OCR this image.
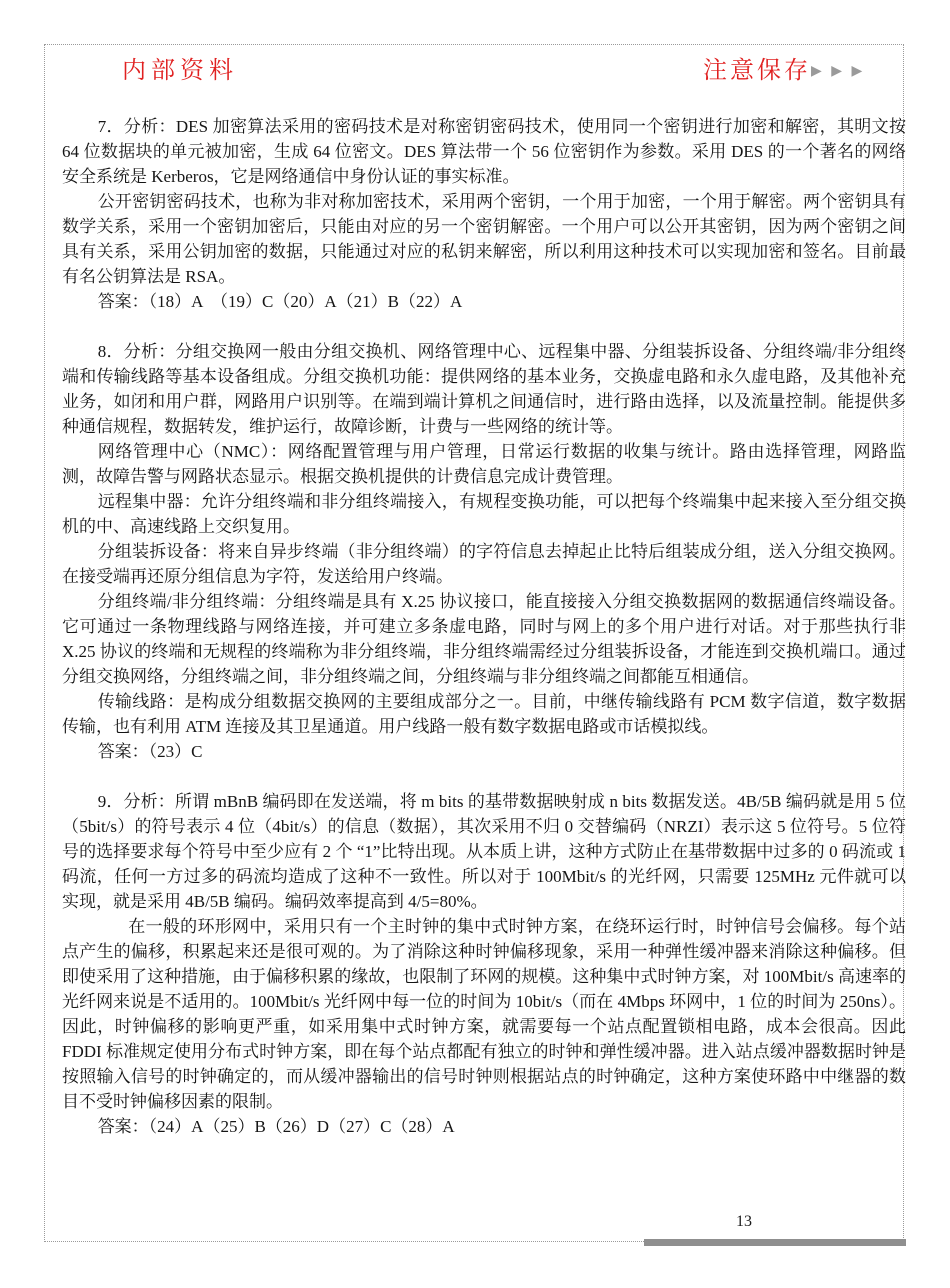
内部资料	注意保存▶ ▶ ▶

7．分析：DES 加密算法采用的密码技术是对称密钥密码技术，使用同一个密钥进行加密和解密，其明文按 64 位数据块的单元被加密，生成 64 位密文。DES 算法带一个 56 位密钥作为参数。采用 DES 的一个著名的网络安全系统是 Kerberos，它是网络通信中身份认证的事实标准。

公开密钥密码技术，也称为非对称加密技术，采用两个密钥，一个用于加密，一个用于解密。两个密钥具有数学关系，采用一个密钥加密后，只能由对应的另一个密钥解密。一个用户可以公开其密钥，因为两个密钥之间具有关系，采用公钥加密的数据，只能通过对应的私钥来解密，所以利用这种技术可以实现加密和签名。目前最有名公钥算法是 RSA。

答案：（18）A　（19）C（20）A（21）B（22）A

8．分析：分组交换网一般由分组交换机、网络管理中心、远程集中器、分组装拆设备、分组终端/非分组终端和传输线路等基本设备组成。分组交换机功能：提供网络的基本业务，交换虚电路和永久虚电路，及其他补充业务，如闭和用户群，网路用户识别等。在端到端计算机之间通信时，进行路由选择，以及流量控制。能提供多种通信规程，数据转发，维护运行，故障诊断，计费与一些网络的统计等。

网络管理中心（NMC）：网络配置管理与用户管理，日常运行数据的收集与统计。路由选择管理，网路监测，故障告警与网路状态显示。根据交换机提供的计费信息完成计费管理。

远程集中器：允许分组终端和非分组终端接入，有规程变换功能，可以把每个终端集中起来接入至分组交换机的中、高速线路上交织复用。

分组装拆设备：将来自异步终端（非分组终端）的字符信息去掉起止比特后组装成分组，送入分组交换网。在接受端再还原分组信息为字符，发送给用户终端。

分组终端/非分组终端：分组终端是具有 X.25 协议接口，能直接接入分组交换数据网的数据通信终端设备。它可通过一条物理线路与网络连接，并可建立多条虚电路，同时与网上的多个用户进行对话。对于那些执行非 X.25 协议的终端和无规程的终端称为非分组终端，非分组终端需经过分组装拆设备，才能连到交换机端口。通过分组交换网络，分组终端之间，非分组终端之间，分组终端与非分组终端之间都能互相通信。

传输线路：是构成分组数据交换网的主要组成部分之一。目前，中继传输线路有 PCM 数字信道，数字数据传输，也有利用 ATM 连接及其卫星通道。用户线路一般有数字数据电路或市话模拟线。

答案：（23）C

9．分析：所谓 mBnB 编码即在发送端，将 m bits 的基带数据映射成 n bits 数据发送。4B/5B 编码就是用 5 位（5bit/s）的符号表示 4 位（4bit/s）的信息（数据），其次采用不归 0 交替编码（NRZI）表示这 5 位符号。5 位符号的选择要求每个符号中至少应有 2 个 “1”比特出现。从本质上讲，这种方式防止在基带数据中过多的 0 码流或 1 码流，任何一方过多的码流均造成了这种不一致性。所以对于 100Mbit/s 的光纤网，只需要 125MHz 元件就可以实现，就是采用 4B/5B 编码。编码效率提高到 4/5=80%。

在一般的环形网中，采用只有一个主时钟的集中式时钟方案，在绕环运行时，时钟信号会偏移。每个站点产生的偏移，积累起来还是很可观的。为了消除这种时钟偏移现象，采用一种弹性缓冲器来消除这种偏移。但即使采用了这种措施，由于偏移积累的缘故，也限制了环网的规模。这种集中式时钟方案，对 100Mbit/s 高速率的光纤网来说是不适用的。100Mbit/s 光纤网中每一位的时间为 10bit/s（而在 4Mbps 环网中，1 位的时间为 250ns）。因此，时钟偏移的影响更严重，如采用集中式时钟方案，就需要每一个站点配置锁相电路，成本会很高。因此 FDDI 标准规定使用分布式时钟方案，即在每个站点都配有独立的时钟和弹性缓冲器。进入站点缓冲器数据时钟是按照输入信号的时钟确定的，而从缓冲器输出的信号时钟则根据站点的时钟确定，这种方案使环路中中继器的数目不受时钟偏移因素的限制。

答案：（24）A（25）B（26）D（27）C（28）A

13
